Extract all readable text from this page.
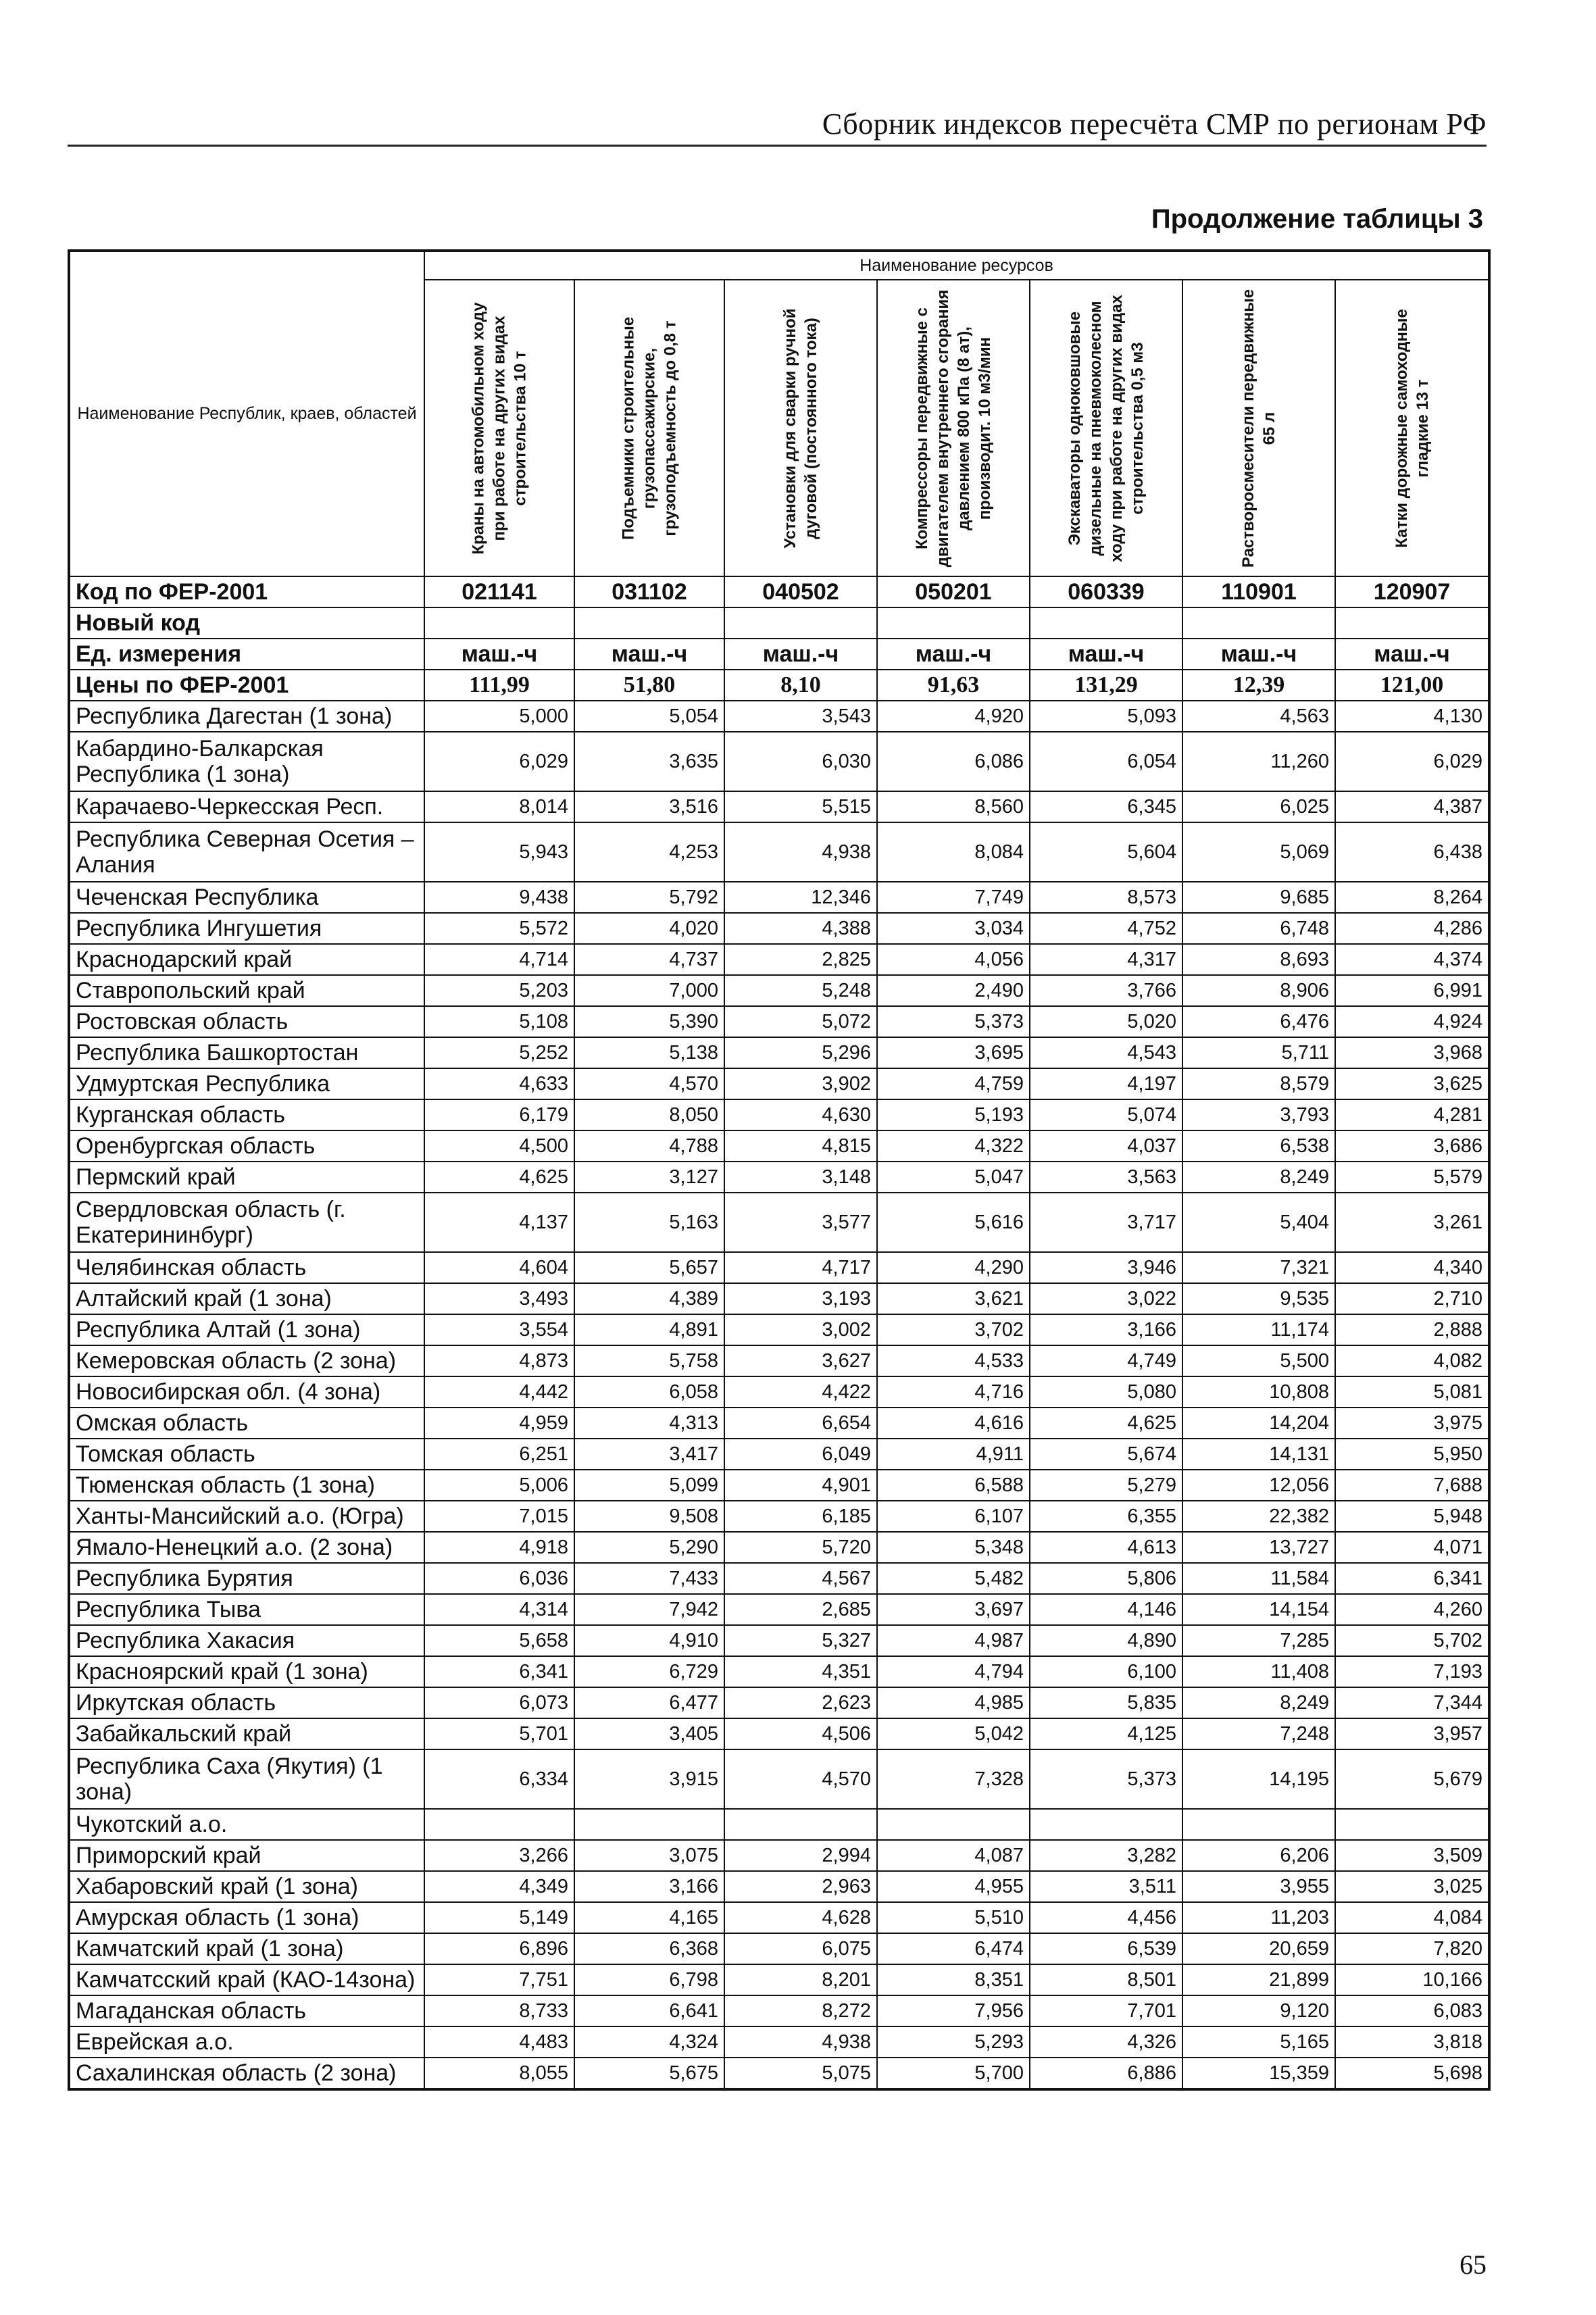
Сборник индексов пересчёта СМР по регионам РФ
Продолжение таблицы 3
Наименование Республик, краев, областей	Наименование ресурсов						

	Краны на автомобильном ходу при работе на других видах строительства 10 т	Подъемники строительные грузопассажирские, грузоподъемность до 0,8 т	Установки для сварки ручной дуговой (постоянного тока)	Компрессоры передвижные с двигателем внутреннего сгорания давлением 800 кПа (8 ат), производит. 10 м3/мин	Экскаваторы одноковшовые дизельные на пневмоколесном ходу при работе на других видах строительства 0,5 м3	Растворосмесители передвижные 65 л	Катки дорожные самоходные гладкие 13 т

Код по ФЕР-2001	021141	031102	040502	050201	060339	110901	120907
Новый код							
Ед. измерения	маш.-ч	маш.-ч	маш.-ч	маш.-ч	маш.-ч	маш.-ч	маш.-ч
Цены по ФЕР-2001	111,99	51,80	8,10	91,63	131,29	12,39	121,00
Республика Дагестан (1 зона)	5,000	5,054	3,543	4,920	5,093	4,563	4,130
Кабардино-Балкарская Республика (1 зона)	6,029	3,635	6,030	6,086	6,054	11,260	6,029
Карачаево-Черкесская Респ.	8,014	3,516	5,515	8,560	6,345	6,025	4,387
Республика Северная Осетия – Алания	5,943	4,253	4,938	8,084	5,604	5,069	6,438
Чеченская Республика	9,438	5,792	12,346	7,749	8,573	9,685	8,264
Республика Ингушетия	5,572	4,020	4,388	3,034	4,752	6,748	4,286
Краснодарский край	4,714	4,737	2,825	4,056	4,317	8,693	4,374
Ставропольский край	5,203	7,000	5,248	2,490	3,766	8,906	6,991
Ростовская область	5,108	5,390	5,072	5,373	5,020	6,476	4,924
Республика Башкортостан	5,252	5,138	5,296	3,695	4,543	5,711	3,968
Удмуртская Республика	4,633	4,570	3,902	4,759	4,197	8,579	3,625
Курганская область	6,179	8,050	4,630	5,193	5,074	3,793	4,281
Оренбургская область	4,500	4,788	4,815	4,322	4,037	6,538	3,686
Пермский край	4,625	3,127	3,148	5,047	3,563	8,249	5,579
Свердловская область (г. Екатерининбург)	4,137	5,163	3,577	5,616	3,717	5,404	3,261
Челябинская область	4,604	5,657	4,717	4,290	3,946	7,321	4,340
Алтайский край (1 зона)	3,493	4,389	3,193	3,621	3,022	9,535	2,710
Республика Алтай (1 зона)	3,554	4,891	3,002	3,702	3,166	11,174	2,888
Кемеровская область (2 зона)	4,873	5,758	3,627	4,533	4,749	5,500	4,082
Новосибирская обл. (4 зона)	4,442	6,058	4,422	4,716	5,080	10,808	5,081
Омская область	4,959	4,313	6,654	4,616	4,625	14,204	3,975
Томская область	6,251	3,417	6,049	4,911	5,674	14,131	5,950
Тюменская область (1 зона)	5,006	5,099	4,901	6,588	5,279	12,056	7,688
Ханты-Мансийский а.о. (Югра)	7,015	9,508	6,185	6,107	6,355	22,382	5,948
Ямало-Ненецкий а.о. (2 зона)	4,918	5,290	5,720	5,348	4,613	13,727	4,071
Республика Бурятия	6,036	7,433	4,567	5,482	5,806	11,584	6,341
Республика Тыва	4,314	7,942	2,685	3,697	4,146	14,154	4,260
Республика Хакасия	5,658	4,910	5,327	4,987	4,890	7,285	5,702
Красноярский край (1 зона)	6,341	6,729	4,351	4,794	6,100	11,408	7,193
Иркутская область	6,073	6,477	2,623	4,985	5,835	8,249	7,344
Забайкальский край	5,701	3,405	4,506	5,042	4,125	7,248	3,957
Республика Саха (Якутия) (1 зона)	6,334	3,915	4,570	7,328	5,373	14,195	5,679
Чукотский а.о.							
Приморский край	3,266	3,075	2,994	4,087	3,282	6,206	3,509
Хабаровский край (1 зона)	4,349	3,166	2,963	4,955	3,511	3,955	3,025
Амурская область (1 зона)	5,149	4,165	4,628	5,510	4,456	11,203	4,084
Камчатский край (1 зона)	6,896	6,368	6,075	6,474	6,539	20,659	7,820
Камчатсский край (КАО-14зона)	7,751	6,798	8,201	8,351	8,501	21,899	10,166
Магаданская область	8,733	6,641	8,272	7,956	7,701	9,120	6,083
Еврейская а.о.	4,483	4,324	4,938	5,293	4,326	5,165	3,818
Сахалинская область (2 зона)	8,055	5,675	5,075	5,700	6,886	15,359	5,698
65
